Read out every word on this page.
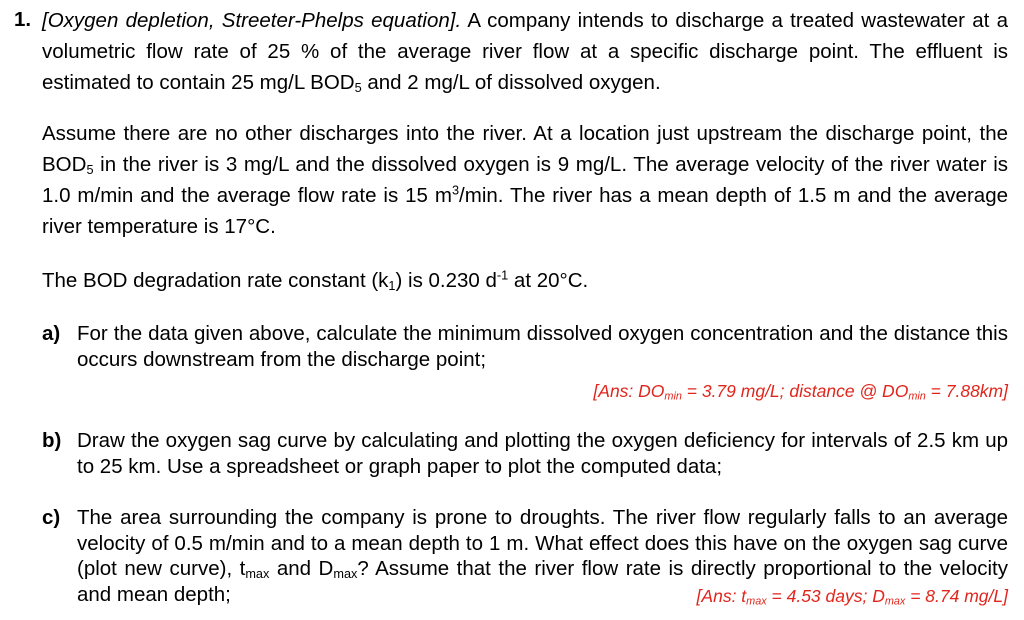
1. [Oxygen depletion, Streeter-Phelps equation]. A company intends to discharge a treated wastewater at a volumetric flow rate of 25 % of the average river flow at a specific discharge point. The effluent is estimated to contain 25 mg/L $BOD_5$ and 2 mg/L of dissolved oxygen.
Assume there are no other discharges into the river. At a location just upstream the discharge point, the $BOD_5$ in the river is 3 mg/L and the dissolved oxygen is 9 mg/L. The average velocity of the river water is 1.0 m/min and the average flow rate is 15 $m^3/\min$. The river has a mean depth of 1.5 m and the average river temperature is 17°C.
The BOD degradation rate constant $(k_1)$ is 0.230 $d^{-1}$ at 20°C.
a) For the data given above, calculate the minimum dissolved oxygen concentration and the distance this occurs downstream from the discharge point;
[Ans: $DO_{min} = 3.79$ mg/L; distance @ $DO_{min} = 7.88km$]
b) Draw the oxygen sag curve by calculating and plotting the oxygen deficiency for intervals of 2.5 km up to 25 km. Use a spreadsheet or graph paper to plot the computed data;
c) The area surrounding the company is prone to droughts. The river flow regularly falls to an average velocity of 0.5 m/min and to a mean depth to 1 m. What effect does this have on the oxygen sag curve (plot new curve), $t_{max}$ and $D_{max}$? Assume that the river flow rate is directly proportional to the velocity and mean depth;	[Ans: $t_{max} = 4.53$ days; $D_{max} = 8.74$ mg/L]
